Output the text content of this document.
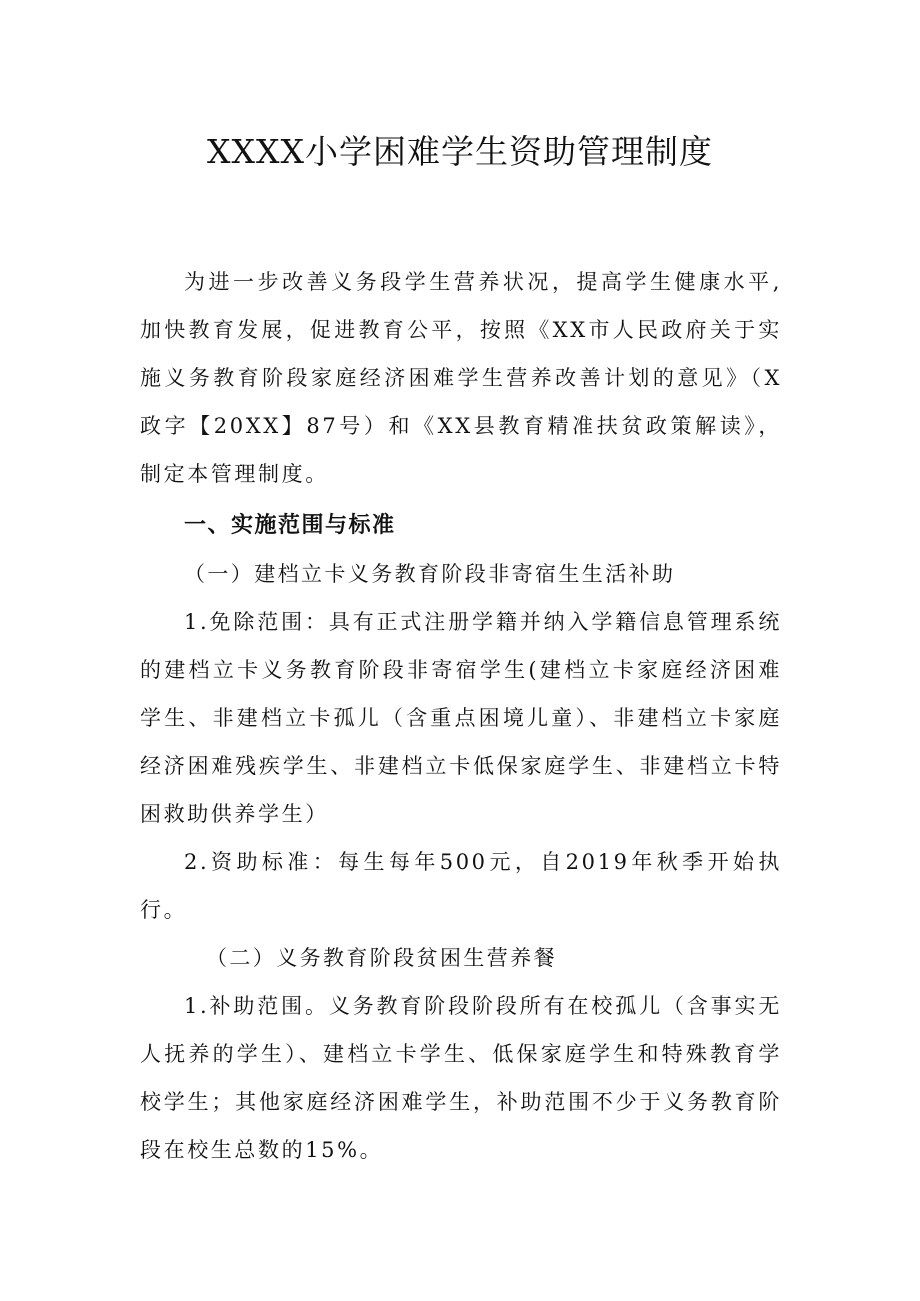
XXXX小学困难学生资助管理制度

为进一步改善义务段学生营养状况，提高学生健康水平,加快教育发展，促进教育公平，按照《XX市人民政府关于实施义务教育阶段家庭经济困难学生营养改善计划的意见》（X政字【20XX】87号）和《XX县教育精准扶贫政策解读》，制定本管理制度。

一、实施范围与标准

（一）建档立卡义务教育阶段非寄宿生生活补助

1.免除范围：具有正式注册学籍并纳入学籍信息管理系统的建档立卡义务教育阶段非寄宿学生(建档立卡家庭经济困难学生、非建档立卡孤儿（含重点困境儿童）、非建档立卡家庭经济困难残疾学生、非建档立卡低保家庭学生、非建档立卡特困救助供养学生）

2.资助标准：每生每年500元，自2019年秋季开始执行。

（二）义务教育阶段贫困生营养餐

1.补助范围。义务教育阶段阶段所有在校孤儿（含事实无人抚养的学生）、建档立卡学生、低保家庭学生和特殊教育学校学生；其他家庭经济困难学生，补助范围不少于义务教育阶段在校生总数的15%。
